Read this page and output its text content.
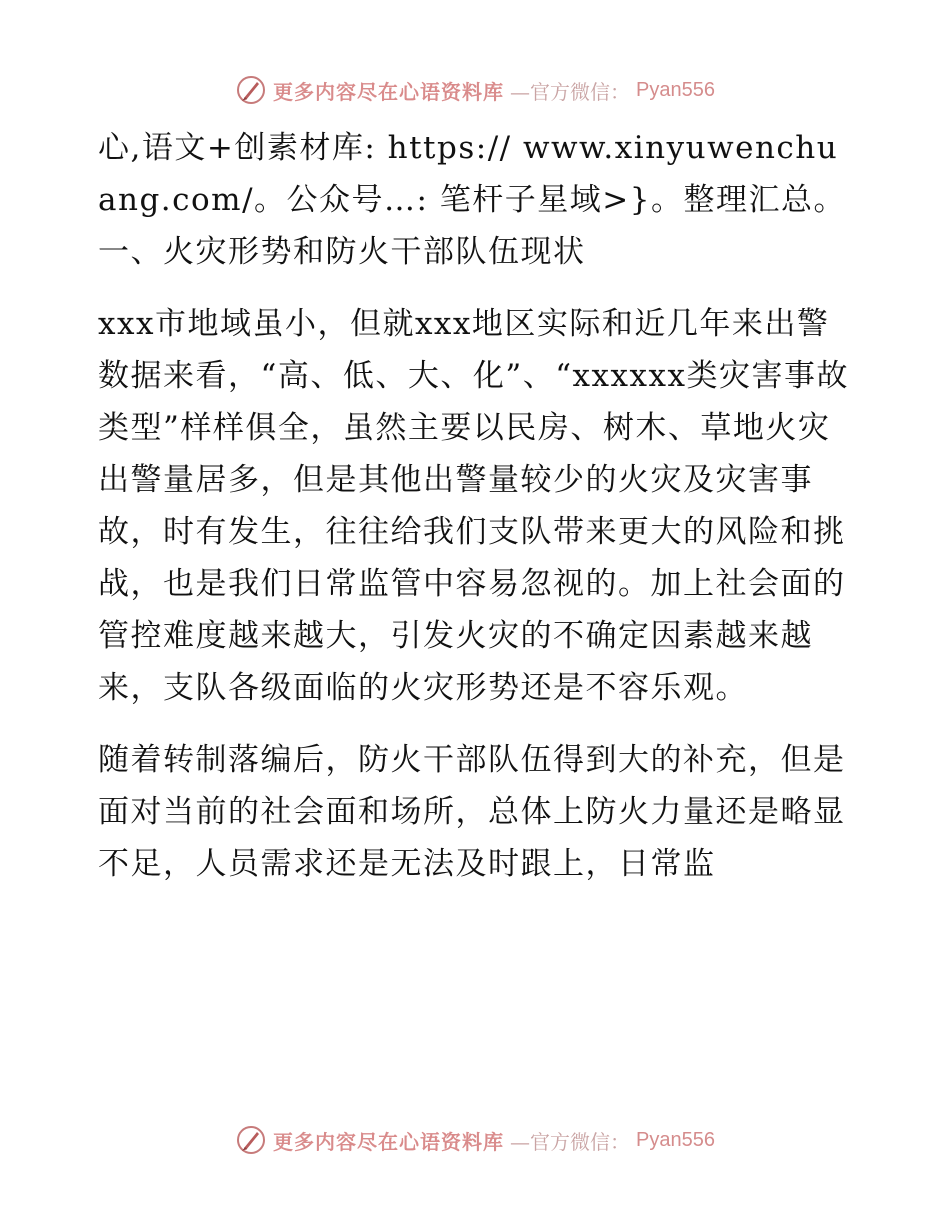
更多内容尽在心语资料库 —官方微信： Pyan556

心,语文+创素材库: https:// www.xinyuwenchuang.com/。公众号…: 笔杆子星域>}。整理汇总。一、火灾形势和防火干部队伍现状

xxx市地域虽小，但就xxx地区实际和近几年来出警数据来看，“高、低、大、化”、“xxxxxx类灾害事故类型”样样俱全，虽然主要以民房、树木、草地火灾出警量居多，但是其他出警量较少的火灾及灾害事故，时有发生，往往给我们支队带来更大的风险和挑战，也是我们日常监管中容易忽视的。加上社会面的管控难度越来越大，引发火灾的不确定因素越来越来，支队各级面临的火灾形势还是不容乐观。

随着转制落编后，防火干部队伍得到大的补充，但是面对当前的社会面和场所，总体上防火力量还是略显不足，人员需求还是无法及时跟上，日常监

更多内容尽在心语资料库 —官方微信： Pyan556
